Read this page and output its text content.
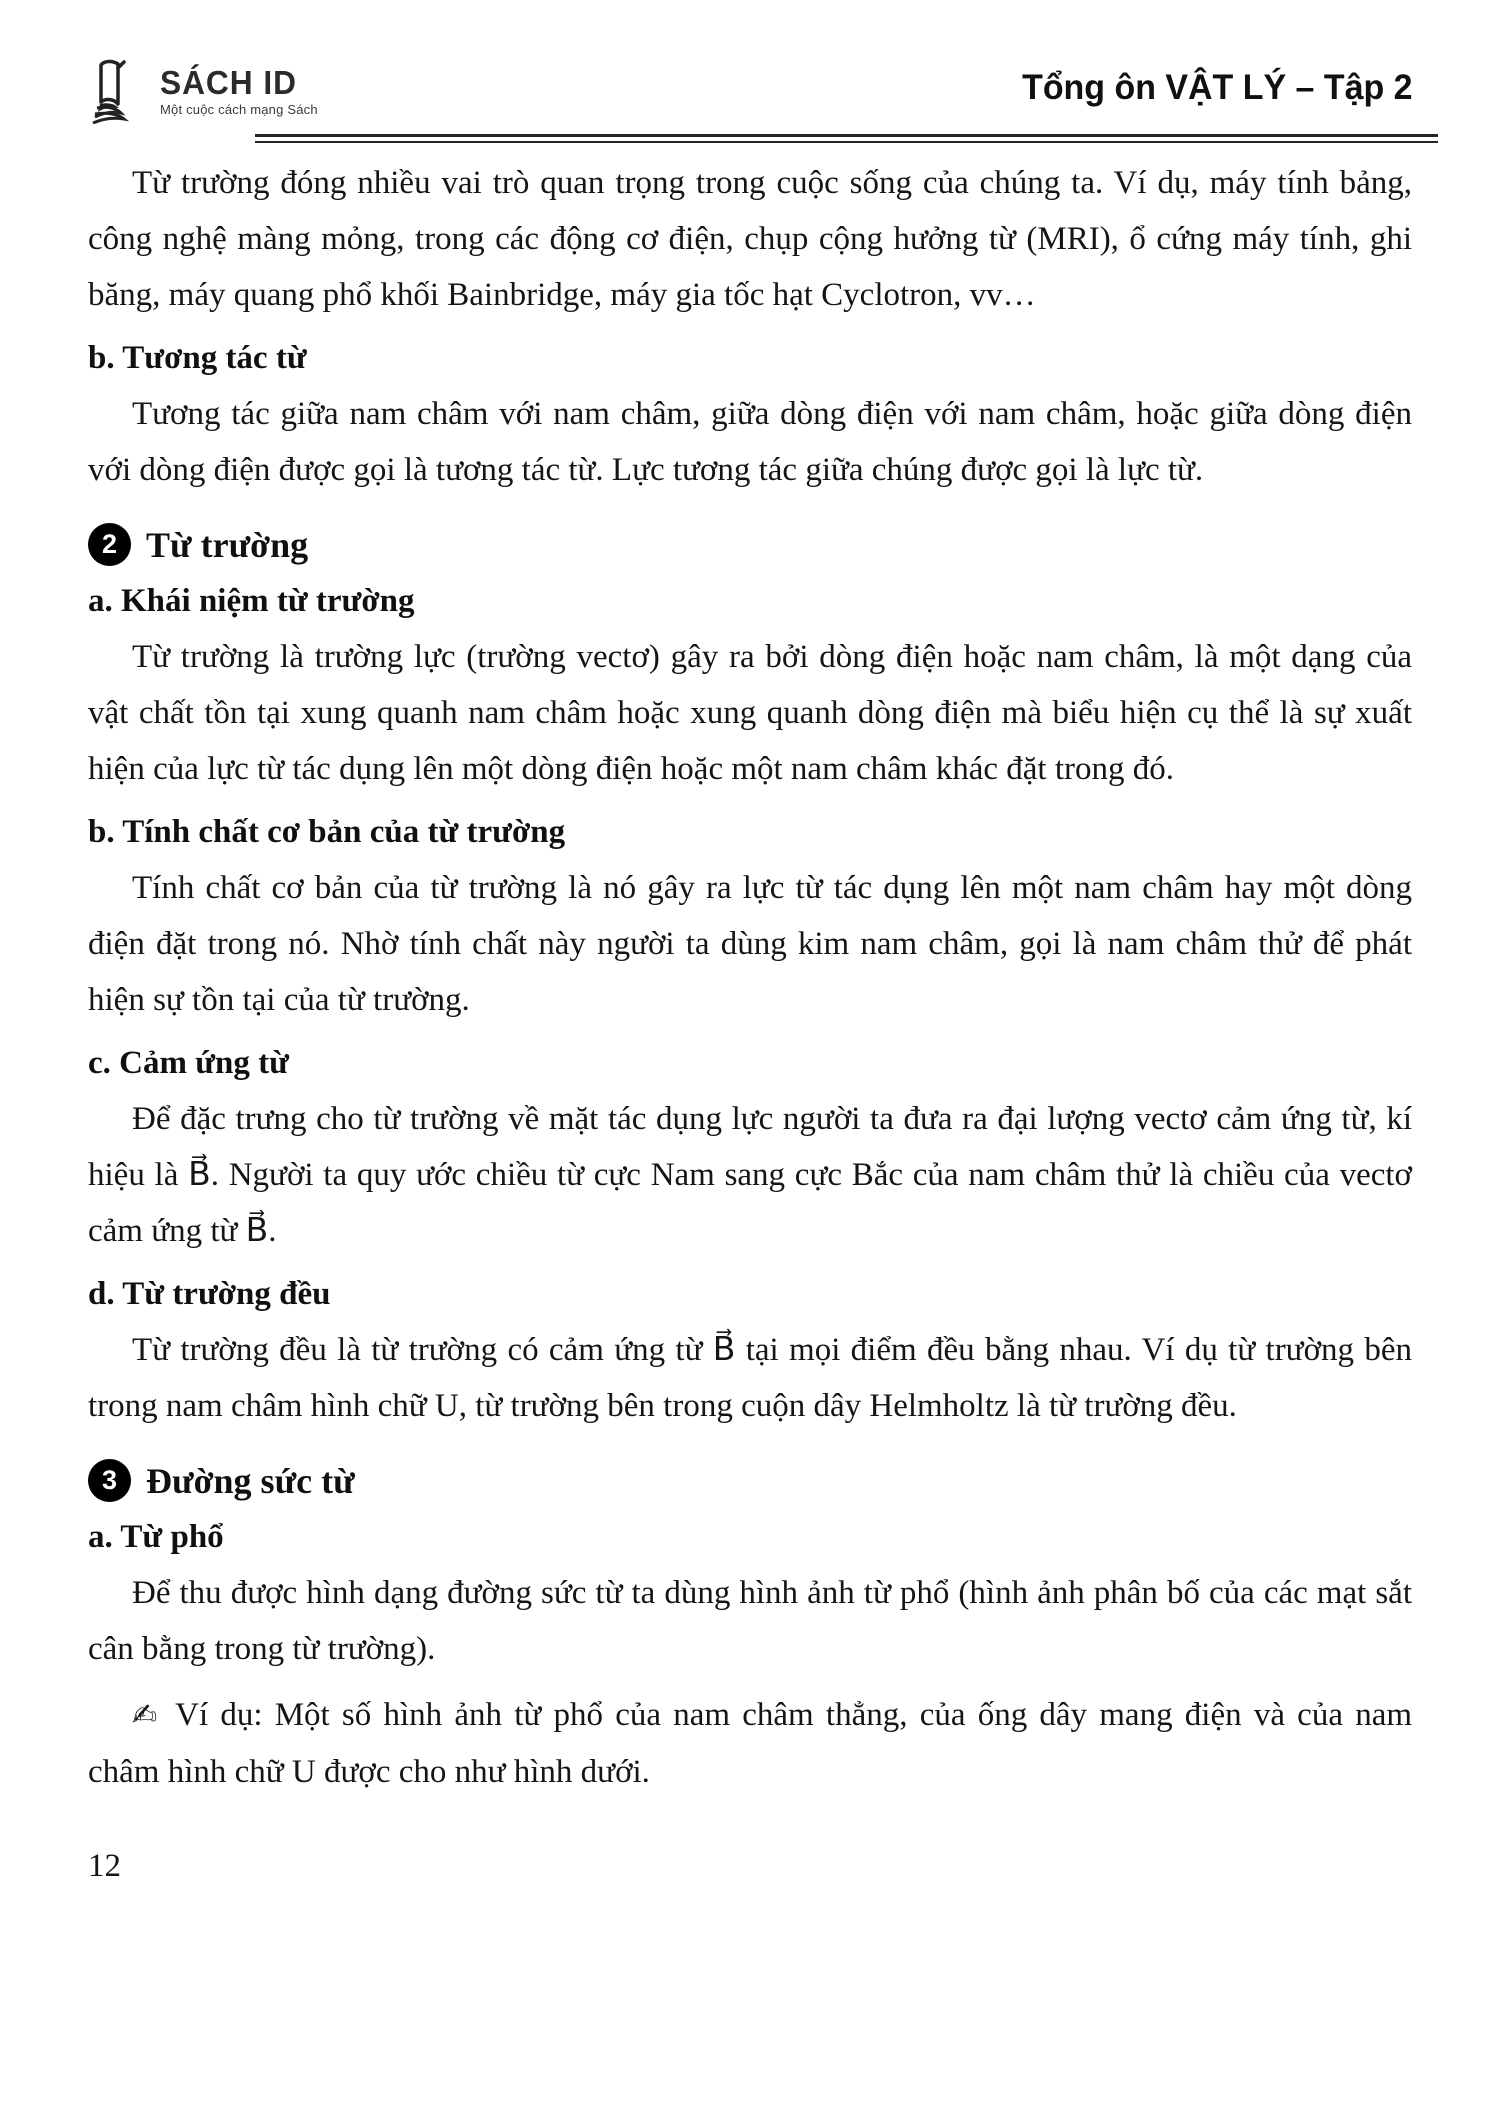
SÁCH ID
Một cuộc cách mạng Sách
Tổng ôn VẬT LÝ – Tập 2

Từ trường đóng nhiều vai trò quan trọng trong cuộc sống của chúng ta. Ví dụ, máy tính bảng, công nghệ màng mỏng, trong các động cơ điện, chụp cộng hưởng từ (MRI), ổ cứng máy tính, ghi băng, máy quang phổ khối Bainbridge, máy gia tốc hạt Cyclotron, vv…

b. Tương tác từ

Tương tác giữa nam châm với nam châm, giữa dòng điện với nam châm, hoặc giữa dòng điện với dòng điện được gọi là tương tác từ. Lực tương tác giữa chúng được gọi là lực từ.

2 Từ trường
a. Khái niệm từ trường

Từ trường là trường lực (trường vectơ) gây ra bởi dòng điện hoặc nam châm, là một dạng của vật chất tồn tại xung quanh nam châm hoặc xung quanh dòng điện mà biểu hiện cụ thể là sự xuất hiện của lực từ tác dụng lên một dòng điện hoặc một nam châm khác đặt trong đó.

b. Tính chất cơ bản của từ trường

Tính chất cơ bản của từ trường là nó gây ra lực từ tác dụng lên một nam châm hay một dòng điện đặt trong nó. Nhờ tính chất này người ta dùng kim nam châm, gọi là nam châm thử để phát hiện sự tồn tại của từ trường.

c. Cảm ứng từ

Để đặc trưng cho từ trường về mặt tác dụng lực người ta đưa ra đại lượng vectơ cảm ứng từ, kí hiệu là B⃗. Người ta quy ước chiều từ cực Nam sang cực Bắc của nam châm thử là chiều của vectơ cảm ứng từ B⃗.

d. Từ trường đều

Từ trường đều là từ trường có cảm ứng từ B⃗ tại mọi điểm đều bằng nhau. Ví dụ từ trường bên trong nam châm hình chữ U, từ trường bên trong cuộn dây Helmholtz là từ trường đều.

3 Đường sức từ
a. Từ phổ

Để thu được hình dạng đường sức từ ta dùng hình ảnh từ phổ (hình ảnh phân bố của các mạt sắt cân bằng trong từ trường).

✍ Ví dụ: Một số hình ảnh từ phổ của nam châm thẳng, của ống dây mang điện và của nam châm hình chữ U được cho như hình dưới.

12
